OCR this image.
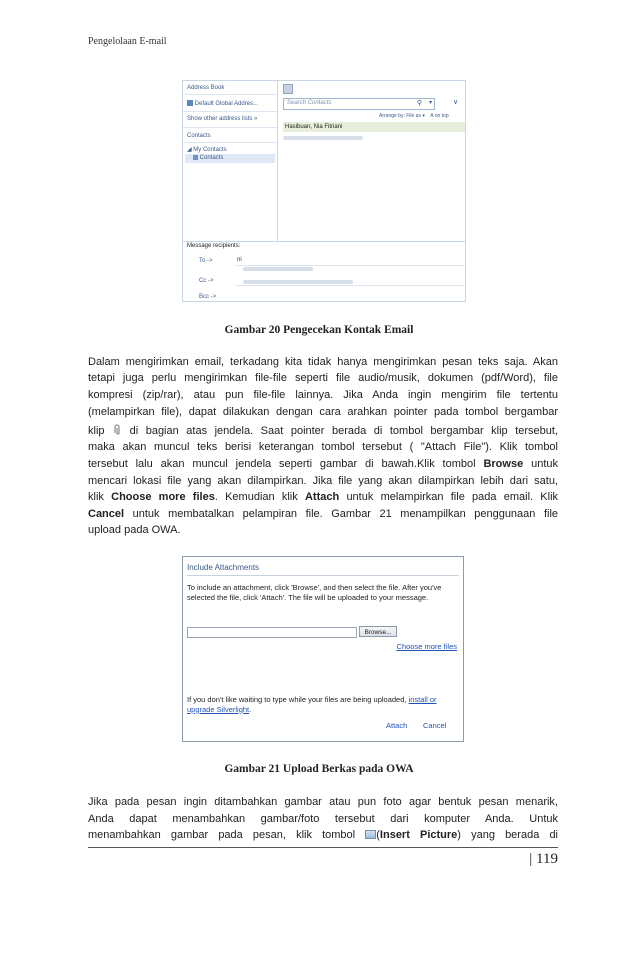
Pengelolaan E-mail
Address Book
Default Global Addres...
Show other address lists »
Contacts
◢ My Contacts
Contacts
Search Contacts	⚲ ▾	∨
Arrange by: File as ▾ A on top
Hasibuan, Nia Fitriani
Message recipients:
To ->	ni
Cc ->
Bcc ->
Gambar 20 Pengecekan Kontak Email
Dalam mengirimkan email, terkadang kita tidak hanya mengirimkan pesan teks saja. Akan
tetapi juga perlu mengirimkan file-file seperti file audio/musik, dokumen (pdf/Word), file
kompresi (zip/rar), atau pun file-file lainnya. Jika Anda ingin mengirim file tertentu
(melampirkan file), dapat dilakukan dengan cara arahkan pointer pada tombol bergambar
klip di bagian atas jendela. Saat pointer berada di tombol bergambar klip tersebut,
maka akan muncul teks berisi keterangan tombol tersebut ( "Attach File"). Klik tombol
tersebut lalu akan muncul jendela seperti gambar di bawah.Klik tombol Browse untuk
mencari lokasi file yang akan dilampirkan. Jika file yang akan dilampirkan lebih dari satu,
klik Choose more files. Kemudian klik Attach untuk melampirkan file pada email. Klik
Cancel untuk membatalkan pelampiran file. Gambar 21 menampilkan penggunaan file
upload pada OWA.
Include Attachments
To include an attachment, click 'Browse', and then select the file. After you've selected the file, click 'Attach'. The file will be uploaded to your message.
Browse...
Choose more files
If you don't like waiting to type while your files are being uploaded, install or upgrade Silverlight.
Attach Cancel
Gambar 21 Upload Berkas pada OWA
Jika pada pesan ingin ditambahkan gambar atau pun foto agar bentuk pesan menarik,
Anda dapat menambahkan gambar/foto tersebut dari komputer Anda. Untuk
menambahkan gambar pada pesan, klik tombol (Insert Picture) yang berada di
| 119
